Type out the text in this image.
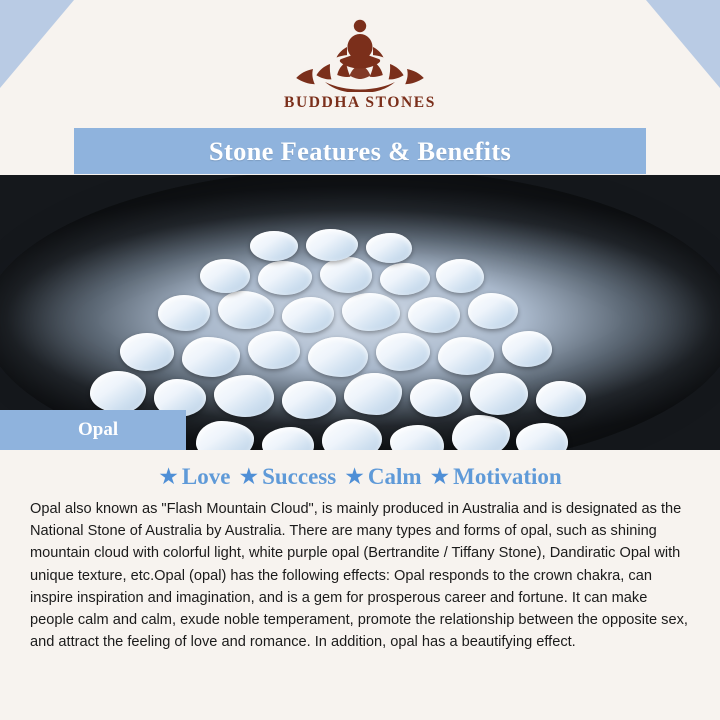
BUDDHA STONES
Stone Features & Benefits
Opal
★ Love ★ Success ★ Calm ★ Motivation

Opal also known as "Flash Mountain Cloud", is mainly produced in Australia and is designated as the National Stone of Australia by Australia. There are many types and forms of opal, such as shining mountain cloud with colorful light, white purple opal (Bertrandite / Tiffany Stone), Dandiratic Opal with unique texture, etc.Opal (opal) has the following effects: Opal responds to the crown chakra, can inspire inspiration and imagination, and is a gem for prosperous career and fortune. It can make people calm and calm, exude noble temperament, promote the relationship between the opposite sex, and attract the feeling of love and romance. In addition, opal has a beautifying effect.
